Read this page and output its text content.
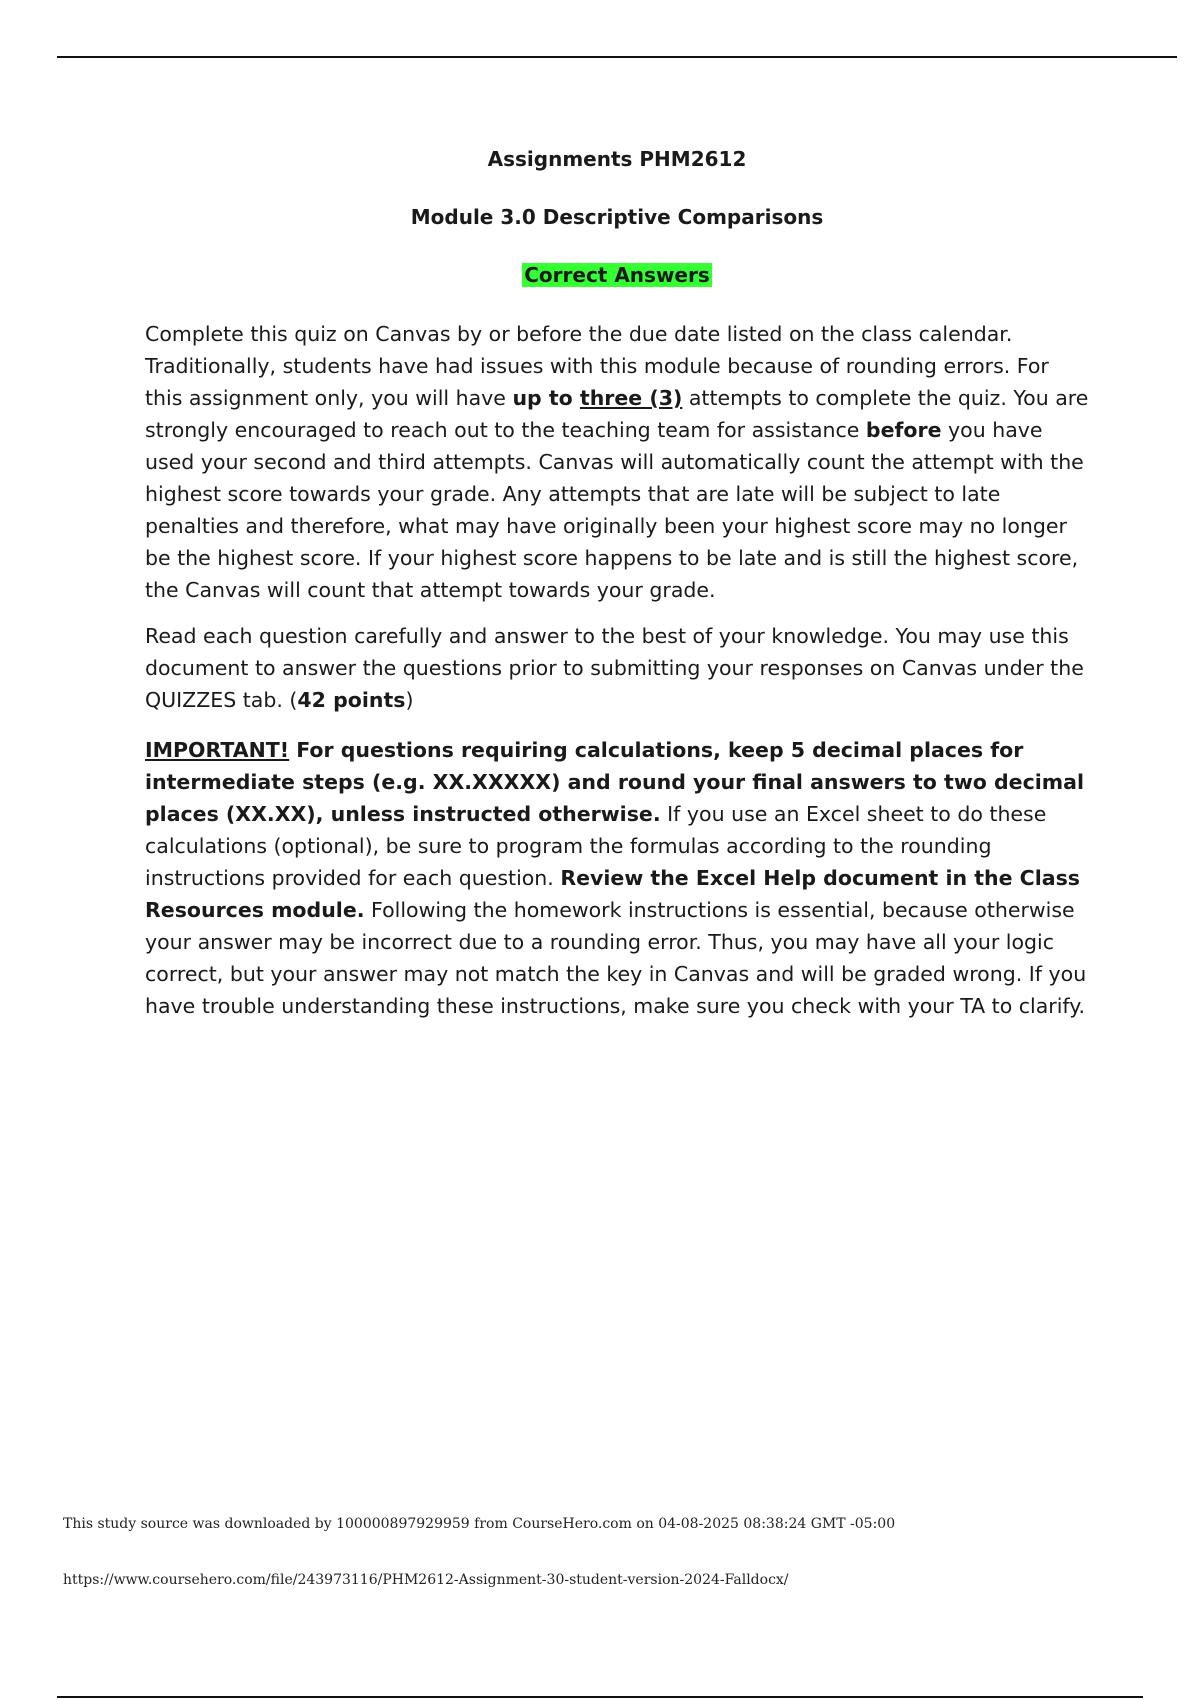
Assignments PHM2612
Module 3.0 Descriptive Comparisons
Correct Answers

Complete this quiz on Canvas by or before the due date listed on the class calendar. Traditionally, students have had issues with this module because of rounding errors. For this assignment only, you will have up to three (3) attempts to complete the quiz. You are strongly encouraged to reach out to the teaching team for assistance before you have used your second and third attempts. Canvas will automatically count the attempt with the highest score towards your grade. Any attempts that are late will be subject to late penalties and therefore, what may have originally been your highest score may no longer be the highest score. If your highest score happens to be late and is still the highest score, the Canvas will count that attempt towards your grade.

Read each question carefully and answer to the best of your knowledge. You may use this document to answer the questions prior to submitting your responses on Canvas under the QUIZZES tab. (42 points)

IMPORTANT! For questions requiring calculations, keep 5 decimal places for intermediate steps (e.g. XX.XXXXX) and round your final answers to two decimal places (XX.XX), unless instructed otherwise. If you use an Excel sheet to do these calculations (optional), be sure to program the formulas according to the rounding instructions provided for each question. Review the Excel Help document in the Class Resources module. Following the homework instructions is essential, because otherwise your answer may be incorrect due to a rounding error. Thus, you may have all your logic correct, but your answer may not match the key in Canvas and will be graded wrong. If you have trouble understanding these instructions, make sure you check with your TA to clarify.

This study source was downloaded by 100000897929959 from CourseHero.com on 04-08-2025 08:38:24 GMT -05:00
https://www.coursehero.com/file/243973116/PHM2612-Assignment-30-student-version-2024-Falldocx/
